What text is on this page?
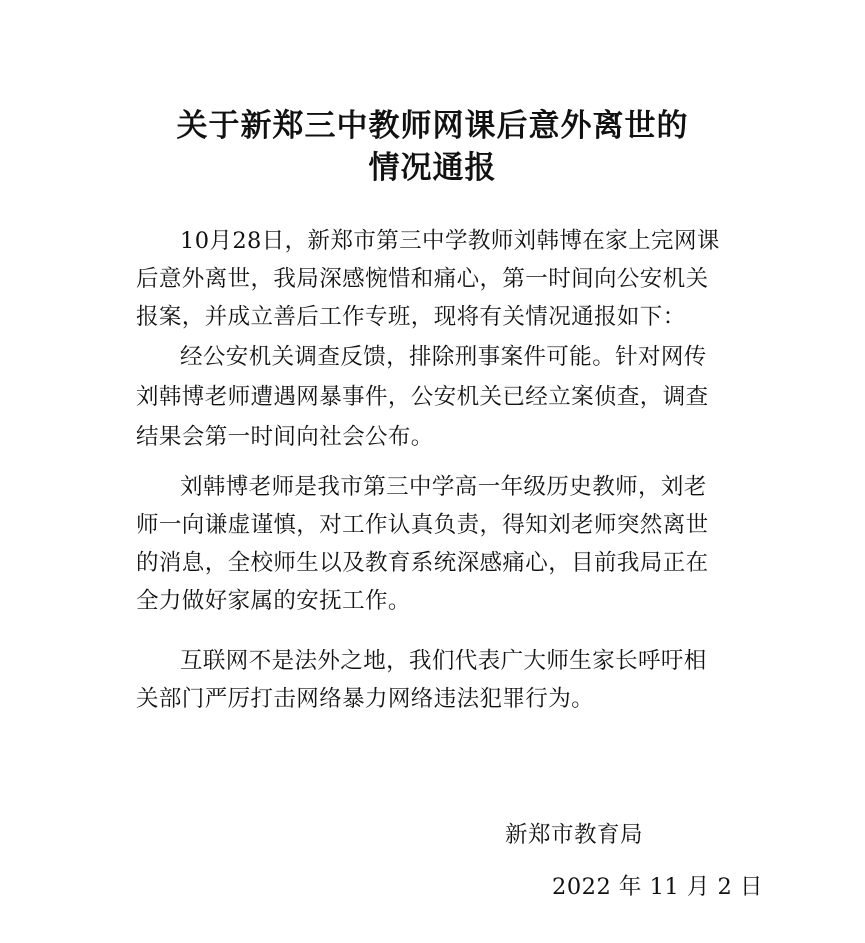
关于新郑三中教师网课后意外离世的
情况通报
10月28日，新郑市第三中学教师刘韩博在家上完网课
后意外离世，我局深感惋惜和痛心，第一时间向公安机关
报案，并成立善后工作专班，现将有关情况通报如下：
经公安机关调查反馈，排除刑事案件可能。针对网传
刘韩博老师遭遇网暴事件，公安机关已经立案侦查，调查
结果会第一时间向社会公布。
刘韩博老师是我市第三中学高一年级历史教师，刘老
师一向谦虚谨慎，对工作认真负责，得知刘老师突然离世
的消息，全校师生以及教育系统深感痛心，目前我局正在
全力做好家属的安抚工作。
互联网不是法外之地，我们代表广大师生家长呼吁相
关部门严厉打击网络暴力网络违法犯罪行为。
新郑市教育局
2022 年 11 月 2 日
